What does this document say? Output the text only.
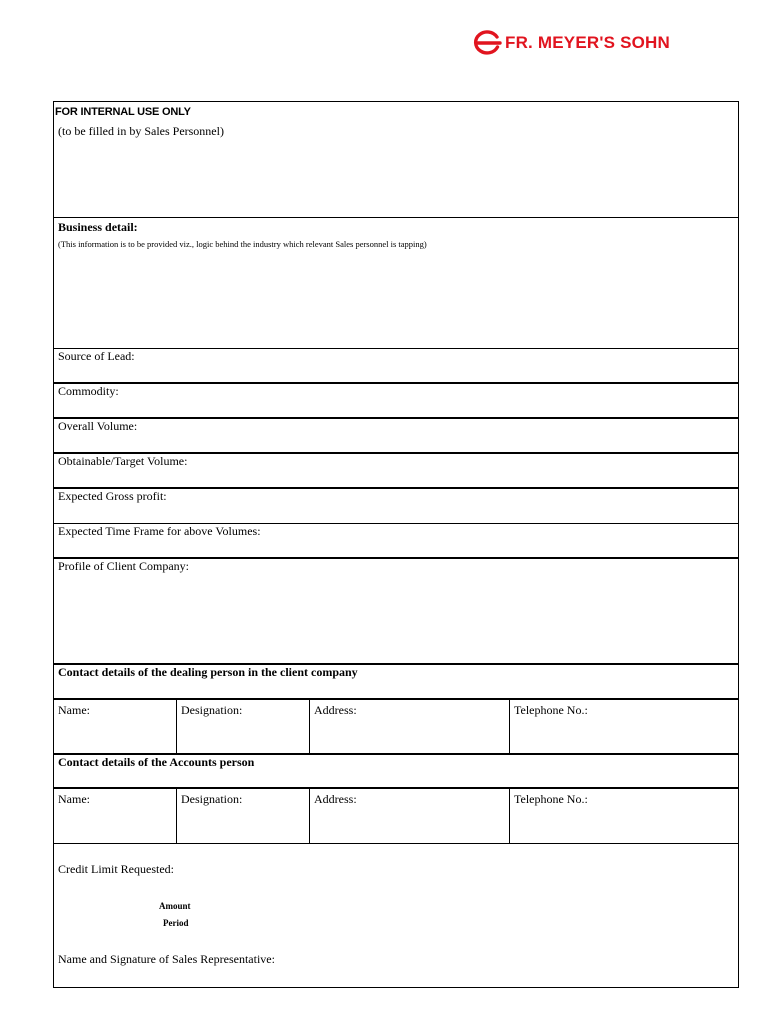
FR. MEYER'S SOHN
FOR INTERNAL USE ONLY
(to be filled in by Sales Personnel)
Business detail:
(This information is to be provided viz., logic behind the industry which relevant Sales personnel is tapping)
Source of Lead:
Commodity:
Overall Volume:
Obtainable/Target Volume:
Expected Gross profit:
Expected Time Frame for above Volumes:
Profile of Client Company:
Contact details of the dealing person in the client company
Name:	Designation:	Address:	Telephone No.:
Contact details of the Accounts person
Name:	Designation:	Address:	Telephone No.:
Credit Limit Requested:
Amount
Period
Name and Signature of Sales Representative:
